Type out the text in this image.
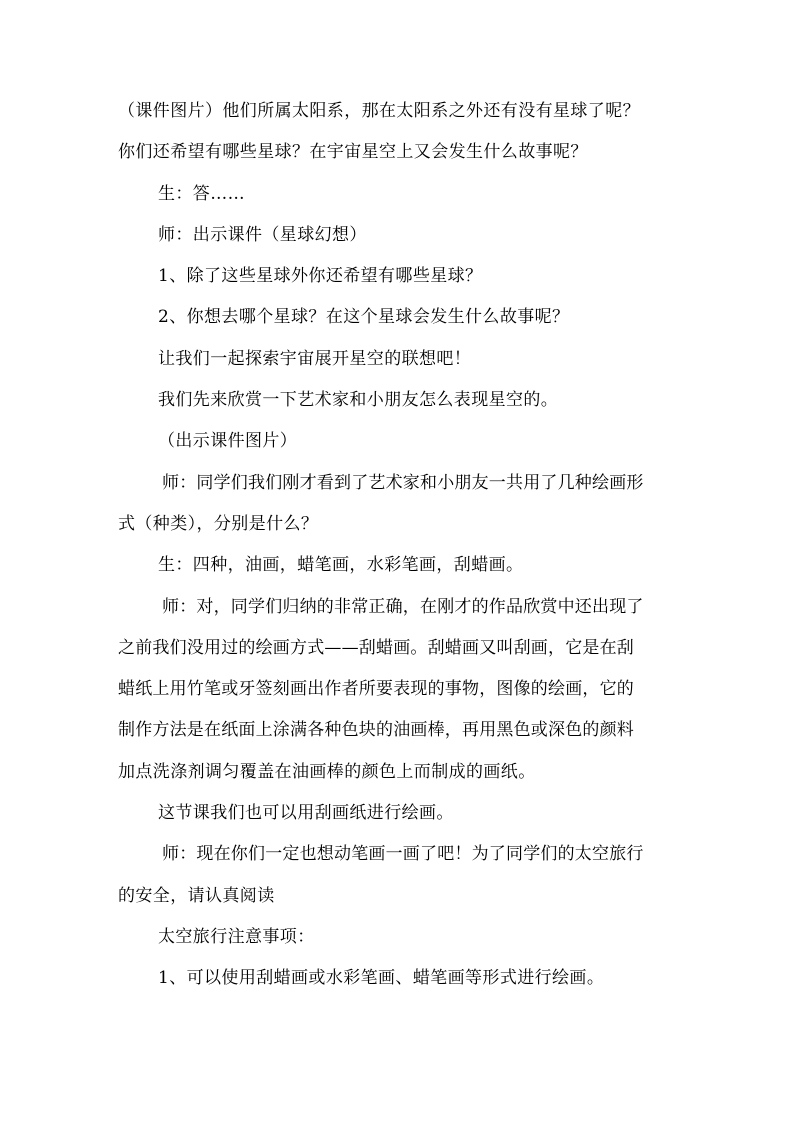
（课件图片）他们所属太阳系，那在太阳系之外还有没有星球了呢？
你们还希望有哪些星球？在宇宙星空上又会发生什么故事呢？
生：答……
师：出示课件（星球幻想）
1、除了这些星球外你还希望有哪些星球？
2、你想去哪个星球？在这个星球会发生什么故事呢？
让我们一起探索宇宙展开星空的联想吧！
我们先来欣赏一下艺术家和小朋友怎么表现星空的。
（出示课件图片）
师：同学们我们刚才看到了艺术家和小朋友一共用了几种绘画形
式（种类），分别是什么？
生：四种，油画，蜡笔画，水彩笔画，刮蜡画。
师：对，同学们归纳的非常正确，在刚才的作品欣赏中还出现了
之前我们没用过的绘画方式——刮蜡画。刮蜡画又叫刮画，它是在刮
蜡纸上用竹笔或牙签刻画出作者所要表现的事物，图像的绘画，它的
制作方法是在纸面上涂满各种色块的油画棒，再用黑色或深色的颜料
加点洗涤剂调匀覆盖在油画棒的颜色上而制成的画纸。
这节课我们也可以用刮画纸进行绘画。
师：现在你们一定也想动笔画一画了吧！为了同学们的太空旅行
的安全，请认真阅读
太空旅行注意事项：
1、可以使用刮蜡画或水彩笔画、蜡笔画等形式进行绘画。
